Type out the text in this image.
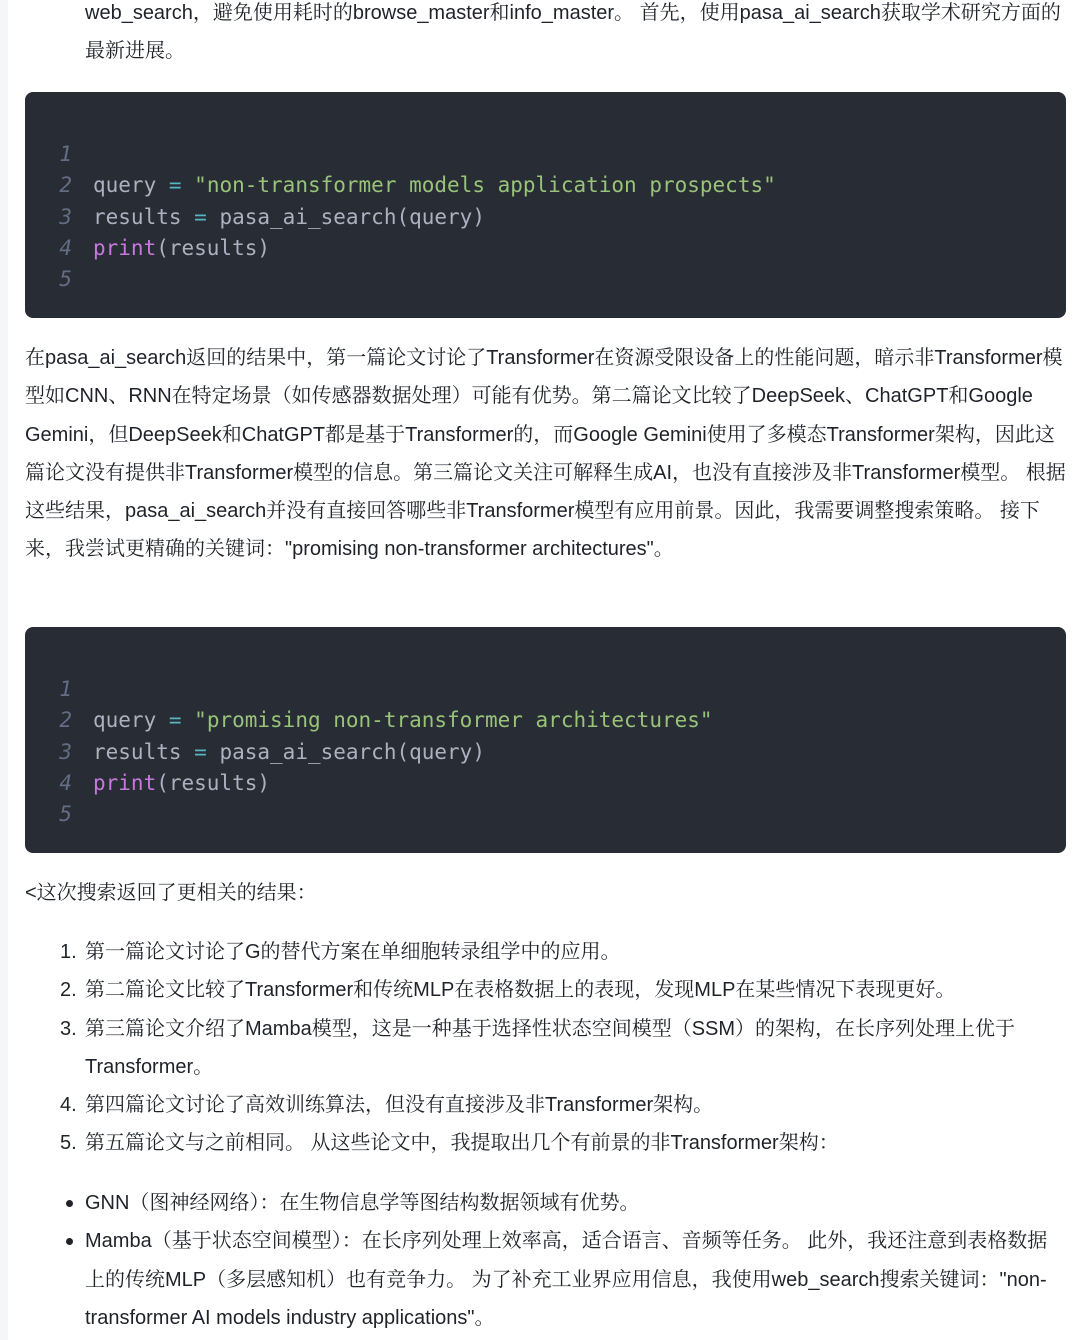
web_search，避免使用耗时的browse_master和info_master。 首先，使用pasa_ai_search获取学术研究方面的最新进展。

1
2	query = "non-transformer models application prospects"
3	results = pasa_ai_search(query)
4	print(results)
5

在pasa_ai_search返回的结果中，第一篇论文讨论了Transformer在资源受限设备上的性能问题，暗示非Transformer模型如CNN、RNN在特定场景（如传感器数据处理）可能有优势。第二篇论文比较了DeepSeek、ChatGPT和Google Gemini，但DeepSeek和ChatGPT都是基于Transformer的，而Google Gemini使用了多模态Transformer架构，因此这篇论文没有提供非Transformer模型的信息。第三篇论文关注可解释生成AI，也没有直接涉及非Transformer模型。 根据这些结果，pasa_ai_search并没有直接回答哪些非Transformer模型有应用前景。因此，我需要调整搜索策略。 接下来，我尝试更精确的关键词："promising non-transformer architectures"。

1
2	query = "promising non-transformer architectures"
3	results = pasa_ai_search(query)
4	print(results)
5

<这次搜索返回了更相关的结果：

1. 第一篇论文讨论了G的替代方案在单细胞转录组学中的应用。
2. 第二篇论文比较了Transformer和传统MLP在表格数据上的表现，发现MLP在某些情况下表现更好。
3. 第三篇论文介绍了Mamba模型，这是一种基于选择性状态空间模型（SSM）的架构，在长序列处理上优于Transformer。
4. 第四篇论文讨论了高效训练算法，但没有直接涉及非Transformer架构。
5. 第五篇论文与之前相同。 从这些论文中，我提取出几个有前景的非Transformer架构：
GNN（图神经网络）：在生物信息学等图结构数据领域有优势。
Mamba（基于状态空间模型）：在长序列处理上效率高，适合语言、音频等任务。 此外，我还注意到表格数据上的传统MLP（多层感知机）也有竞争力。 为了补充工业界应用信息，我使用web_search搜索关键词："non-transformer AI models industry applications"。
